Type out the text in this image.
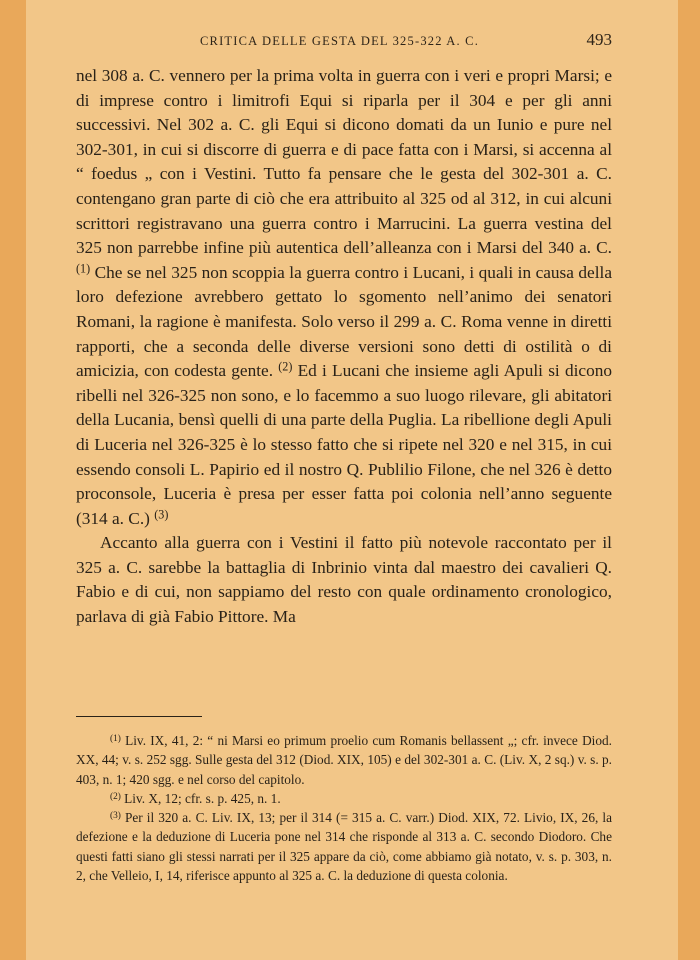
CRITICA DELLE GESTA DEL 325-322 A. C.	493

nel 308 a. C. vennero per la prima volta in guerra con i veri e propri Marsi; e di imprese contro i limitrofi Equi si riparla per il 304 e per gli anni successivi. Nel 302 a. C. gli Equi si dicono domati da un Iunio e pure nel 302-301, in cui si discorre di guerra e di pace fatta con i Marsi, si accenna al “ foedus „ con i Vestini. Tutto fa pensare che le gesta del 302-301 a. C. contengano gran parte di ciò che era attribuito al 325 od al 312, in cui alcuni scrittori registravano una guerra contro i Marrucini. La guerra vestina del 325 non parrebbe infine più autentica dell’alleanza con i Marsi del 340 a. C. $^{(1)}$ Che se nel 325 non scoppia la guerra contro i Lucani, i quali in causa della loro defezione avrebbero gettato lo sgomento nell’animo dei senatori Romani, la ragione è manifesta. Solo verso il 299 a. C. Roma venne in diretti rapporti, che a seconda delle diverse versioni sono detti di ostilità o di amicizia, con codesta gente. $^{(2)}$ Ed i Lucani che insieme agli Apuli si dicono ribelli nel 326-325 non sono, e lo facemmo a suo luogo rilevare, gli abitatori della Lucania, bensì quelli di una parte della Puglia. La ribellione degli Apuli di Luceria nel 326-325 è lo stesso fatto che si ripete nel 320 e nel 315, in cui essendo consoli L. Papirio ed il nostro Q. Publilio Filone, che nel 326 è detto proconsole, Luceria è presa per esser fatta poi colonia nell’anno seguente (314 a. C.) $^{(3)}$

Accanto alla guerra con i Vestini il fatto più notevole raccontato per il 325 a. C. sarebbe la battaglia di Inbrinio vinta dal maestro dei cavalieri Q. Fabio e di cui, non sappiamo del resto con quale ordinamento cronologico, parlava di già Fabio Pittore. Ma

$^{(1)}$ Liv. IX, 41, 2: “ ni Marsi eo primum proelio cum Romanis bellassent „; cfr. invece Diod. XX, 44; v. s. 252 sgg. Sulle gesta del 312 (Diod. XIX, 105) e del 302-301 a. C. (Liv. X, 2 sq.) v. s. p. 403, n. 1; 420 sgg. e nel corso del capitolo.

$^{(2)}$ Liv. X, 12; cfr. s. p. 425, n. 1.

$^{(3)}$ Per il 320 a. C. Liv. IX, 13; per il 314 (= 315 a. C. varr.) Diod. XIX, 72. Livio, IX, 26, la defezione e la deduzione di Luceria pone nel 314 che risponde al 313 a. C. secondo Diodoro. Che questi fatti siano gli stessi narrati per il 325 appare da ciò, come abbiamo già notato, v. s. p. 303, n. 2, che Velleio, I, 14, riferisce appunto al 325 a. C. la deduzione di questa colonia.
